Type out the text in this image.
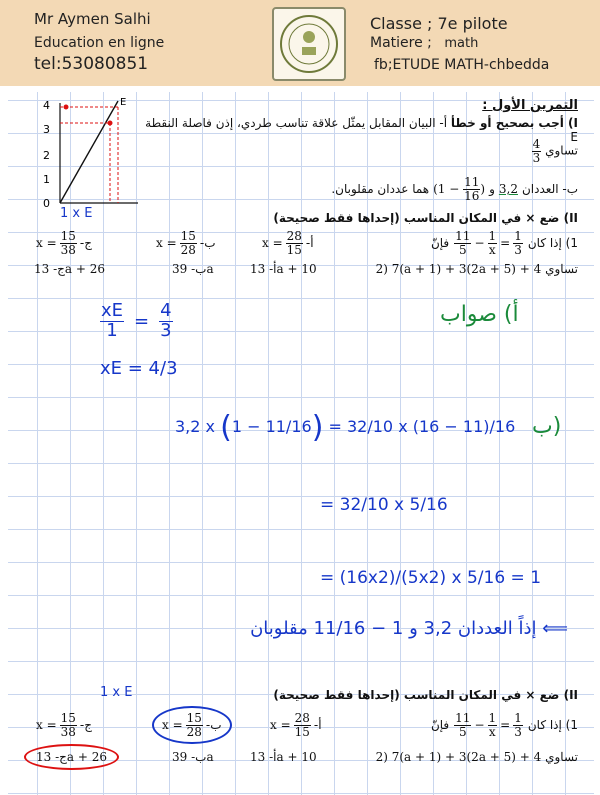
Mr Aymen Salhi
Education en ligne
tel:53080851
Classe ; 7e pilote
Matiere ; math
fb;ETUDE MATH-chbedda
0
1
2
3
4	E
1 x E
التمرين الأول :
I) أجب بصحيح أو خطأ أ- البيان المقابل يمثّل علاقة تناسب طردي، إذن فاصلة النقطة E
تساوي
$\frac{4}{3}$
ب- العددان
3,2
و
($1 - \frac{11}{16}$ )
هما عددان مقلوبان.
II) ضع × في المكان المناسب (إحداها فقط صحيحة)
1) إذا كان
$\frac{11}{5} - \frac{1}{x} = \frac{1}{3}$
فإنّ
$x = \frac{28}{15}$ أ-
$x = \frac{15}{28}$ ب-
$x = \frac{15}{38}$ ج-
2) 7(a + 1) + 3(2a + 5) + 4 تساوي
أ- 13a + 10
ب- 39a
ج- 13a + 26
$\frac{xE}{1} = \frac{4}{3}$
xE = 4/3
أ) صواب
ب)
3,2 x (1 − 11/16) = 32/10 x (16 − 11)/16
= 32/10 x 5/16
= (16x2)/(5x2) x 5/16 = 1
⟸ إذاً العددان 3,2 و 1 − 11/16 مقلوبان
1 x E	II) ضع × في المكان المناسب (إحداها فقط صحيحة)
1) إذا كان
$\frac{11}{5} - \frac{1}{x} = \frac{1}{3}$
فإنّ
$x = \frac{28}{15}$ أ-
$x = \frac{15}{28}$ ب-
$x = \frac{15}{38}$ ج-
2) 7(a + 1) + 3(2a + 5) + 4 تساوي
أ- 13a + 10
ب- 39a
ج- 13a + 26
